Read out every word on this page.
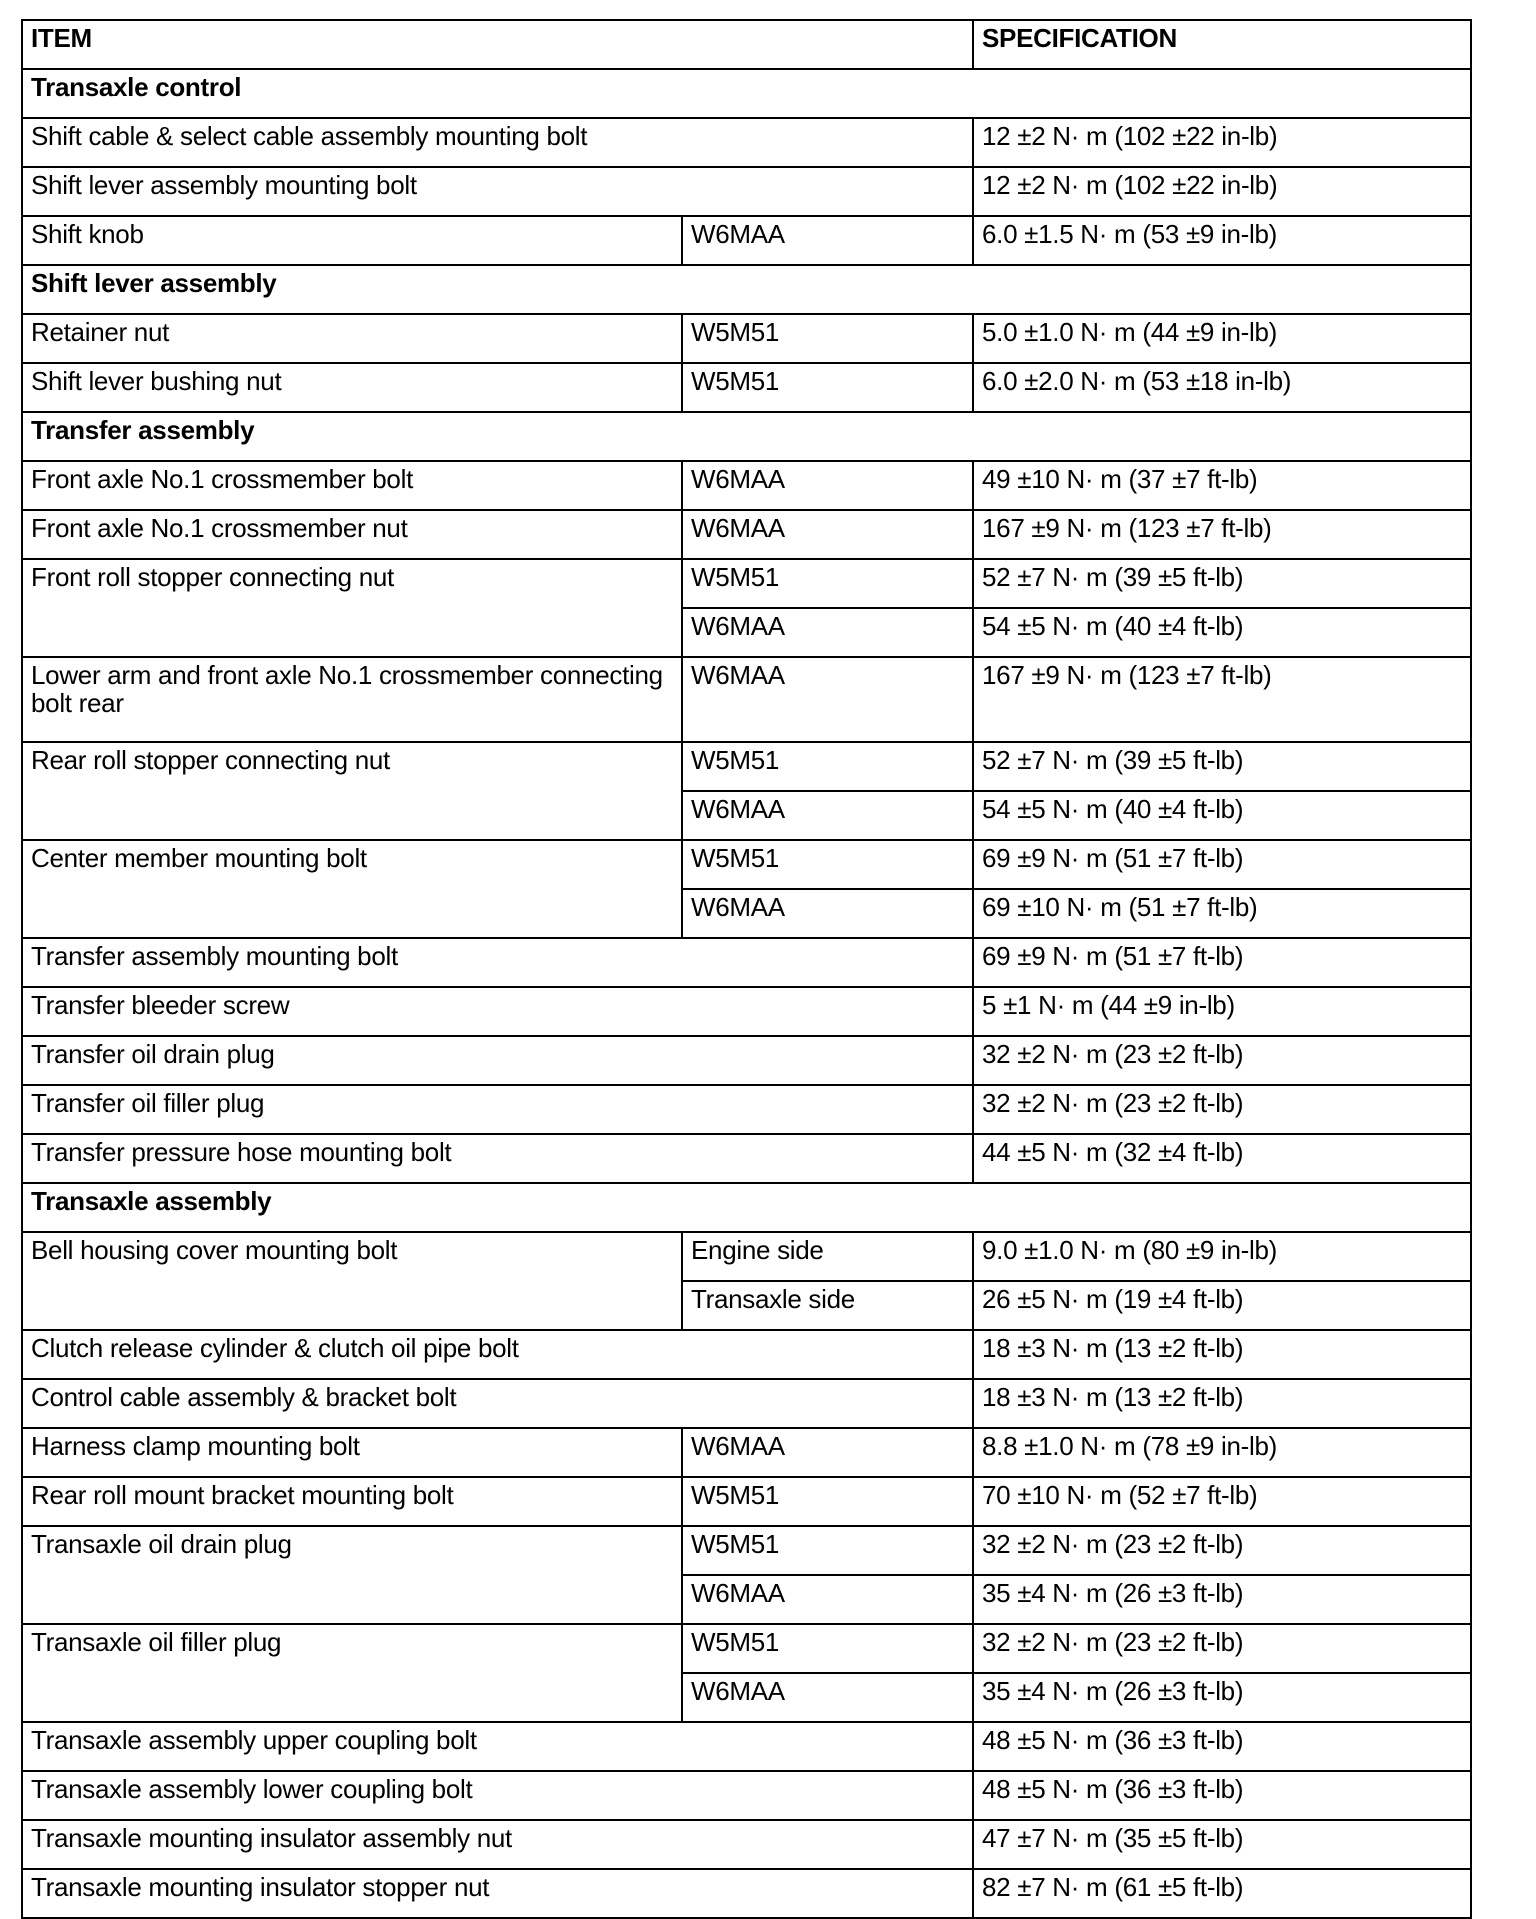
ITEM		SPECIFICATION
Transaxle control		
Shift cable & select cable assembly mounting bolt		12 ±2 N· m (102 ±22 in-lb)
Shift lever assembly mounting bolt		12 ±2 N· m (102 ±22 in-lb)
Shift knob	W6MAA	6.0 ±1.5 N· m (53 ±9 in-lb)
Shift lever assembly		
Retainer nut	W5M51	5.0 ±1.0 N· m (44 ±9 in-lb)
Shift lever bushing nut	W5M51	6.0 ±2.0 N· m (53 ±18 in-lb)
Transfer assembly		
Front axle No.1 crossmember bolt	W6MAA	49 ±10 N· m (37 ±7 ft-lb)
Front axle No.1 crossmember nut	W6MAA	167 ±9 N· m (123 ±7 ft-lb)
Front roll stopper connecting nut	W5M51	52 ±7 N· m (39 ±5 ft-lb)
	W6MAA	54 ±5 N· m (40 ±4 ft-lb)
Lower arm and front axle No.1 crossmember connecting bolt rear	W6MAA	167 ±9 N· m (123 ±7 ft-lb)
Rear roll stopper connecting nut	W5M51	52 ±7 N· m (39 ±5 ft-lb)
	W6MAA	54 ±5 N· m (40 ±4 ft-lb)
Center member mounting bolt	W5M51	69 ±9 N· m (51 ±7 ft-lb)
	W6MAA	69 ±10 N· m (51 ±7 ft-lb)
Transfer assembly mounting bolt		69 ±9 N· m (51 ±7 ft-lb)
Transfer bleeder screw		5 ±1 N· m (44 ±9 in-lb)
Transfer oil drain plug		32 ±2 N· m (23 ±2 ft-lb)
Transfer oil filler plug		32 ±2 N· m (23 ±2 ft-lb)
Transfer pressure hose mounting bolt		44 ±5 N· m (32 ±4 ft-lb)
Transaxle assembly		
Bell housing cover mounting bolt	Engine side	9.0 ±1.0 N· m (80 ±9 in-lb)
	Transaxle side	26 ±5 N· m (19 ±4 ft-lb)
Clutch release cylinder & clutch oil pipe bolt		18 ±3 N· m (13 ±2 ft-lb)
Control cable assembly & bracket bolt		18 ±3 N· m (13 ±2 ft-lb)
Harness clamp mounting bolt	W6MAA	8.8 ±1.0 N· m (78 ±9 in-lb)
Rear roll mount bracket mounting bolt	W5M51	70 ±10 N· m (52 ±7 ft-lb)
Transaxle oil drain plug	W5M51	32 ±2 N· m (23 ±2 ft-lb)
	W6MAA	35 ±4 N· m (26 ±3 ft-lb)
Transaxle oil filler plug	W5M51	32 ±2 N· m (23 ±2 ft-lb)
	W6MAA	35 ±4 N· m (26 ±3 ft-lb)
Transaxle assembly upper coupling bolt		48 ±5 N· m (36 ±3 ft-lb)
Transaxle assembly lower coupling bolt		48 ±5 N· m (36 ±3 ft-lb)
Transaxle mounting insulator assembly nut		47 ±7 N· m (35 ±5 ft-lb)
Transaxle mounting insulator stopper nut		82 ±7 N· m (61 ±5 ft-lb)
